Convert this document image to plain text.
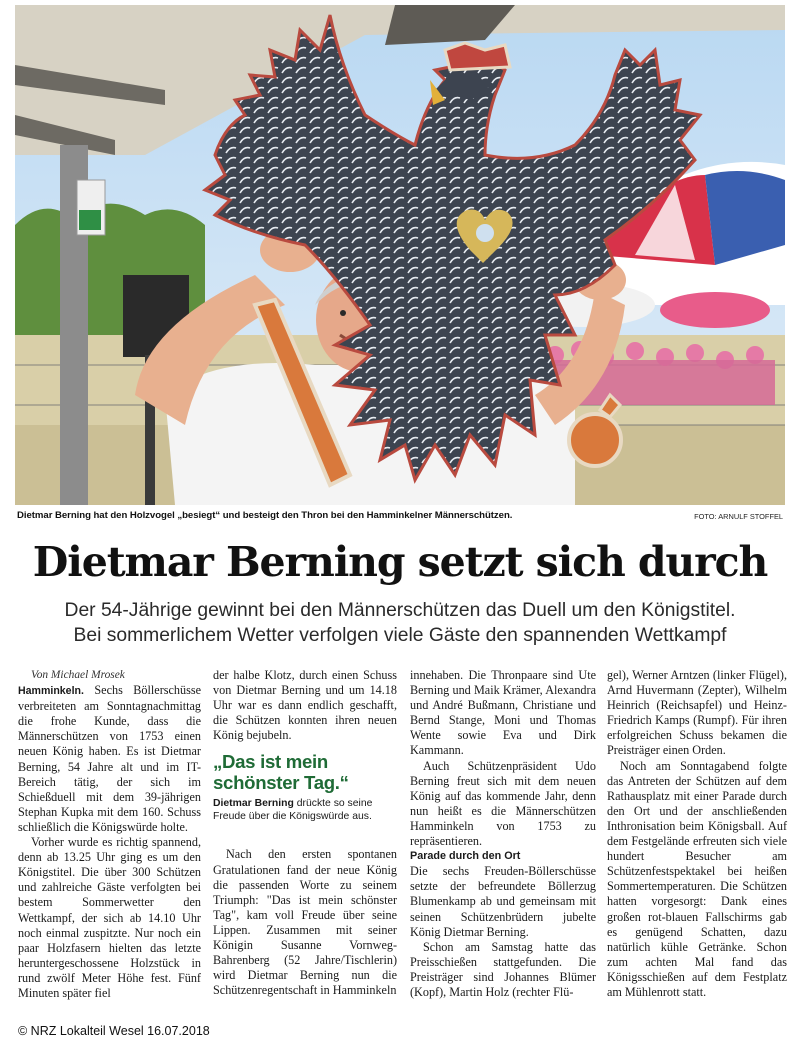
Dietmar Berning hat den Holzvogel „besiegt“ und besteigt den Thron bei den Hamminkelner Männerschützen.	FOTO: ARNULF STOFFEL
Dietmar Berning setzt sich durch
Der 54-Jährige gewinnt bei den Männerschützen das Duell um den Königstitel.
Bei sommerlichem Wetter verfolgen viele Gäste den spannenden Wettkampf

Von Michael Mrosek

Hamminkeln. Sechs Böllerschüsse verbreiteten am Sonntagnachmittag die frohe Kunde, dass die Männerschützen von 1753 einen neuen König haben. Es ist Dietmar Berning, 54 Jahre alt und im IT-Bereich tätig, der sich im Schießduell mit dem 39-jährigen Stephan Kupka mit dem 160. Schuss schließlich die Königswürde holte.

Vorher wurde es richtig spannend, denn ab 13.25 Uhr ging es um den Königstitel. Die über 300 Schützen und zahlreiche Gäste verfolgten bei bestem Sommerwetter den Wettkampf, der sich ab 14.10 Uhr noch einmal zuspitzte. Nur noch ein paar Holzfasern hielten das letzte heruntergeschossene Holzstück in rund zwölf Meter Höhe fest. Fünf Minuten später fiel

der halbe Klotz, durch einen Schuss von Dietmar Berning und um 14.18 Uhr war es dann endlich geschafft, die Schützen konnten ihren neuen König bejubeln.

„Das ist mein schönster Tag.“
Dietmar Berning drückte so seine Freude über die Königswürde aus.

Nach den ersten spontanen Gratulationen fand der neue König die passenden Worte zu seinem Triumph: "Das ist mein schönster Tag", kam voll Freude über seine Lippen. Zusammen mit seiner Königin Susanne Vornweg-Bahrenberg (52 Jahre/Tischlerin) wird Dietmar Berning nun die Schützenregentschaft in Hamminkeln

innehaben. Die Thronpaare sind Ute Berning und Maik Krämer, Alexandra und André Bußmann, Christiane und Bernd Stange, Moni und Thomas Wente sowie Eva und Dirk Kammann.

Auch Schützenpräsident Udo Berning freut sich mit dem neuen König auf das kommende Jahr, denn nun heißt es die Männerschützen Hamminkeln von 1753 zu repräsentieren.

Parade durch den Ort

Die sechs Freuden-Böllerschüsse setzte der befreundete Böllerzug Blumenkamp ab und gemeinsam mit seinen Schützenbrüdern jubelte König Dietmar Berning.

Schon am Samstag hatte das Preisschießen stattgefunden. Die Preisträger sind Johannes Blümer (Kopf), Martin Holz (rechter Flü-

gel), Werner Arntzen (linker Flügel), Arnd Huvermann (Zepter), Wilhelm Heinrich (Reichsapfel) und Heinz-Friedrich Kamps (Rumpf). Für ihren erfolgreichen Schuss bekamen die Preisträger einen Orden.

Noch am Sonntagabend folgte das Antreten der Schützen auf dem Rathausplatz mit einer Parade durch den Ort und der anschließenden Inthronisation beim Königsball. Auf dem Festgelände erfreuten sich viele hundert Besucher am Schützenfestspektakel bei heißen Sommertemperaturen. Die Schützen hatten vorgesorgt: Dank eines großen rot-blauen Fallschirms gab es genügend Schatten, dazu natürlich kühle Getränke. Schon zum achten Mal fand das Königsschießen auf dem Festplatz am Mühlenrott statt.

© NRZ Lokalteil Wesel 16.07.2018
